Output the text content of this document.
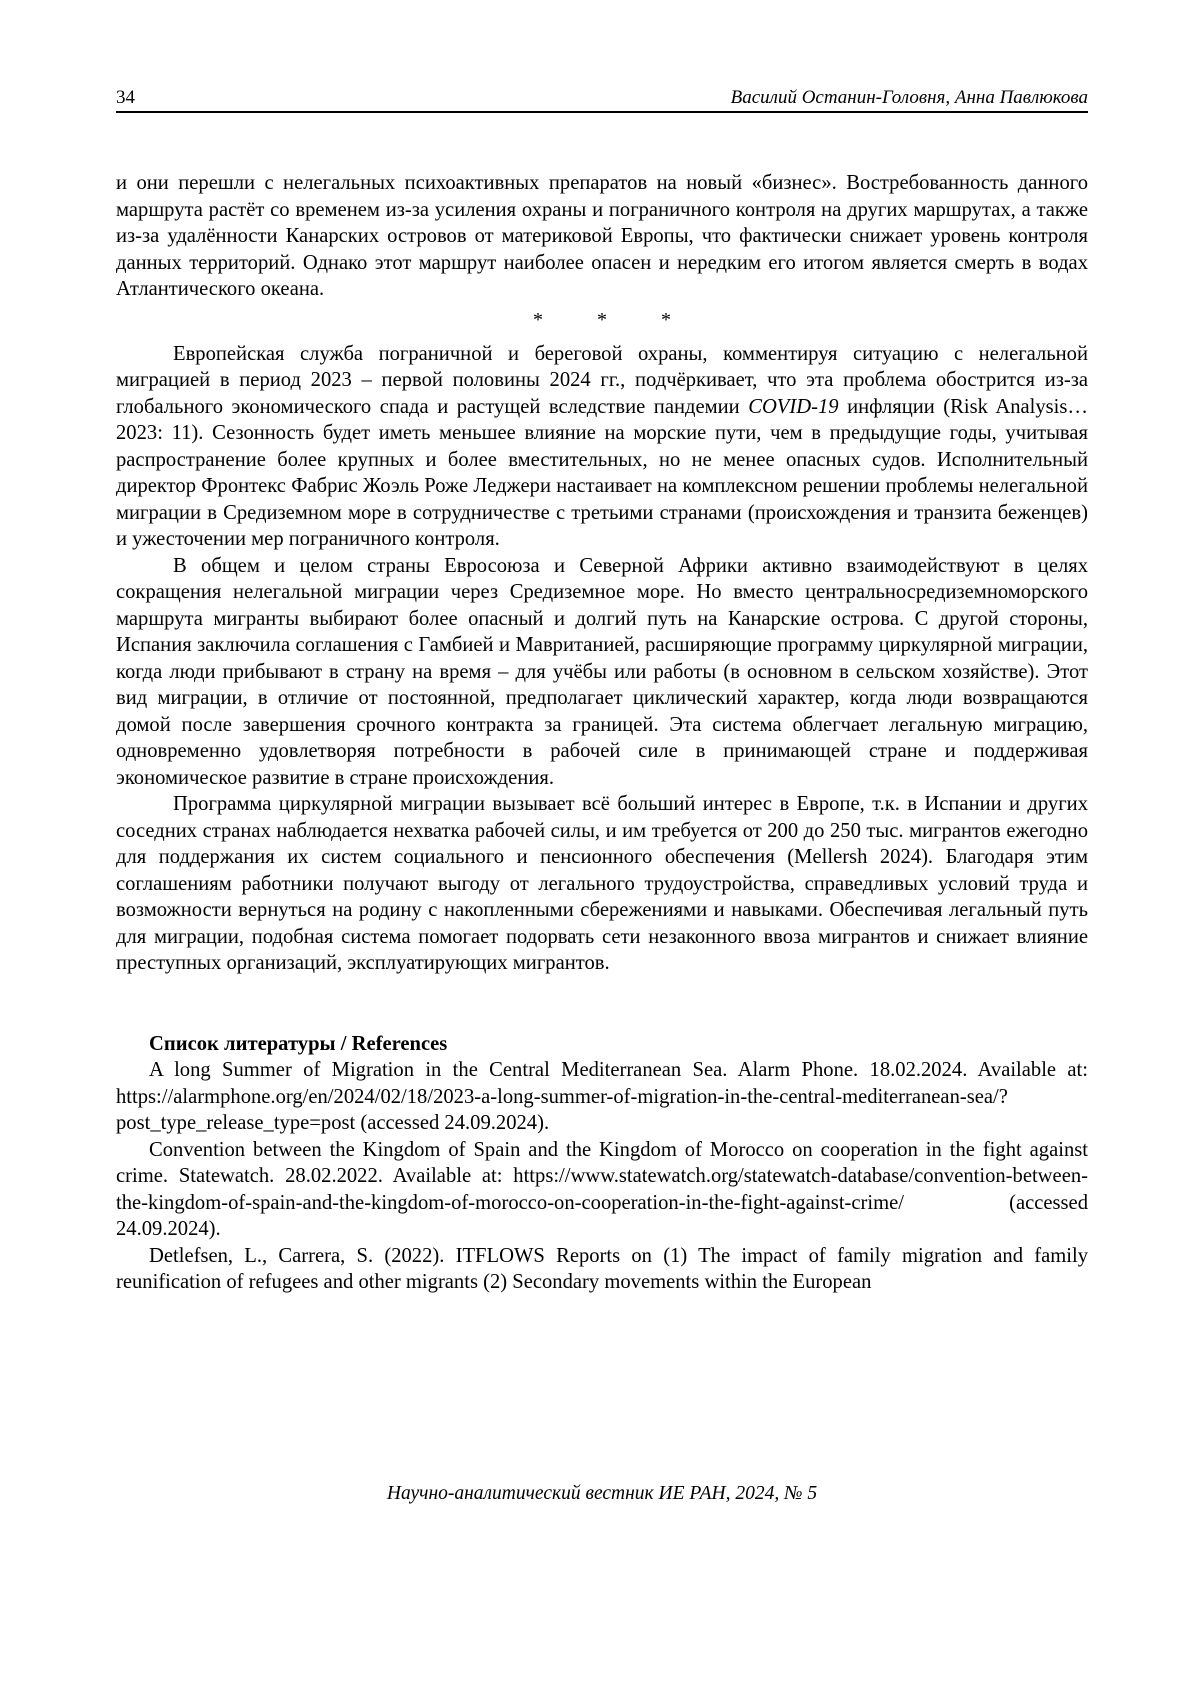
34	Василий Останин-Головня, Анна Павлюкова

и они перешли с нелегальных психоактивных препаратов на новый «бизнес». Востребованность данного маршрута растёт со временем из-за усиления охраны и пограничного контроля на других маршрутах, а также из-за удалённости Канарских островов от материковой Европы, что фактически снижает уровень контроля данных территорий. Однако этот маршрут наиболее опасен и нередким его итогом является смерть в водах Атлантического океана.

*	*	*

Европейская служба пограничной и береговой охраны, комментируя ситуацию с нелегальной миграцией в период 2023 – первой половины 2024 гг., подчёркивает, что эта проблема обострится из-за глобального экономического спада и растущей вследствие пандемии COVID-19 инфляции (Risk Analysis… 2023: 11). Сезонность будет иметь меньшее влияние на морские пути, чем в предыдущие годы, учитывая распространение более крупных и более вместительных, но не менее опасных судов. Исполнительный директор Фронтекс Фабрис Жоэль Роже Леджери настаивает на комплексном решении проблемы нелегальной миграции в Средиземном море в сотрудничестве с третьими странами (происхождения и транзита беженцев) и ужесточении мер пограничного контроля.

В общем и целом страны Евросоюза и Северной Африки активно взаимодействуют в целях сокращения нелегальной миграции через Средиземное море. Но вместо центральносредиземноморского маршрута мигранты выбирают более опасный и долгий путь на Канарские острова. С другой стороны, Испания заключила соглашения с Гамбией и Мавританией, расширяющие программу циркулярной миграции, когда люди прибывают в страну на время – для учёбы или работы (в основном в сельском хозяйстве). Этот вид миграции, в отличие от постоянной, предполагает циклический характер, когда люди возвращаются домой после завершения срочного контракта за границей. Эта система облегчает легальную миграцию, одновременно удовлетворяя потребности в рабочей силе в принимающей стране и поддерживая экономическое развитие в стране происхождения.

Программа циркулярной миграции вызывает всё больший интерес в Европе, т.к. в Испании и других соседних странах наблюдается нехватка рабочей силы, и им требуется от 200 до 250 тыс. мигрантов ежегодно для поддержания их систем социального и пенсионного обеспечения (Mellersh 2024). Благодаря этим соглашениям работники получают выгоду от легального трудоустройства, справедливых условий труда и возможности вернуться на родину с накопленными сбережениями и навыками. Обеспечивая легальный путь для миграции, подобная система помогает подорвать сети незаконного ввоза мигрантов и снижает влияние преступных организаций, эксплуатирующих мигрантов.

Список литературы / References

A long Summer of Migration in the Central Mediterranean Sea. Alarm Phone. 18.02.2024. Available at: https://alarmphone.org/en/2024/02/18/2023-a-long-summer-of-migration-in-the-central-mediterranean-sea/?post_type_release_type=post (accessed 24.09.2024).

Convention between the Kingdom of Spain and the Kingdom of Morocco on cooperation in the fight against crime. Statewatch. 28.02.2022. Available at: https://www.statewatch.org/statewatch-database/convention-between-the-kingdom-of-spain-and-the-kingdom-of-morocco-on-cooperation-in-the-fight-against-crime/ (accessed 24.09.2024).

Detlefsen, L., Carrera, S. (2022). ITFLOWS Reports on (1) The impact of family migration and family reunification of refugees and other migrants (2) Secondary movements within the European

Научно-аналитический вестник ИЕ РАН, 2024, № 5
